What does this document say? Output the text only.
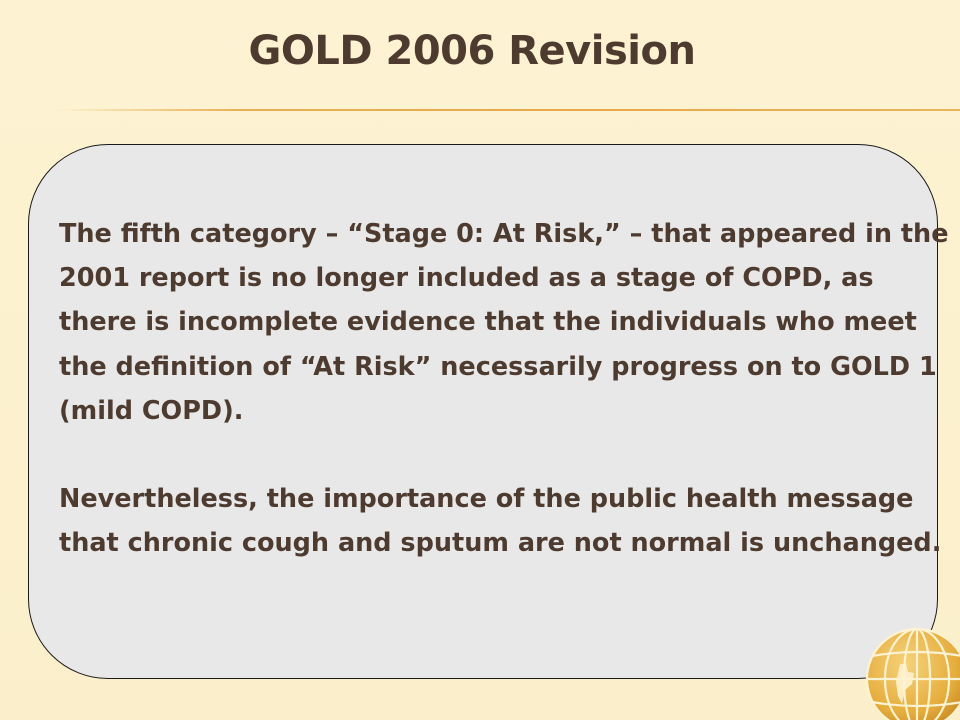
GOLD 2006 Revision

The fifth category – “Stage 0: At Risk,” – that appeared in the 2001 report is no longer included as a stage of COPD, as there is incomplete evidence that the individuals who meet the definition of “At Risk” necessarily progress on to GOLD 1 (mild COPD).

Nevertheless, the importance of the public health message that chronic cough and sputum are not normal is unchanged.
